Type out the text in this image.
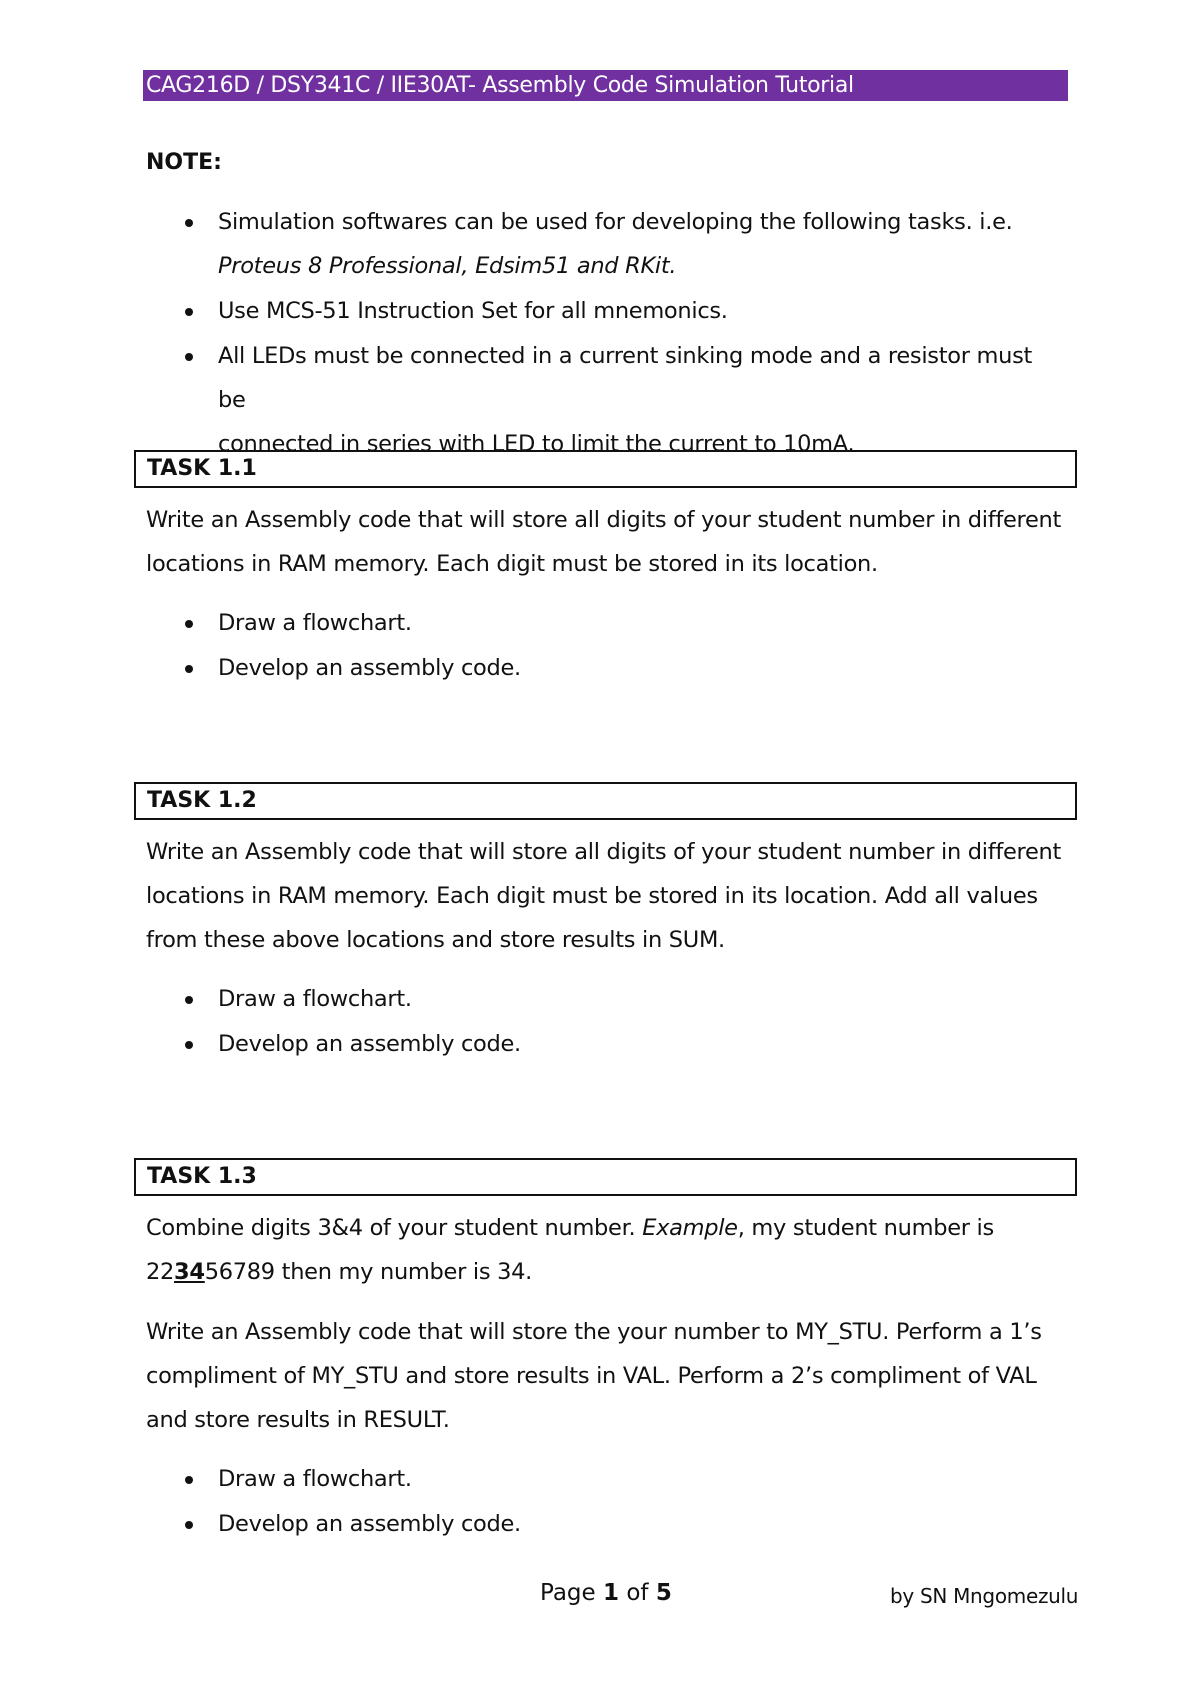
CAG216D / DSY341C / IIE30AT- Assembly Code Simulation Tutorial
NOTE:
Simulation softwares can be used for developing the following tasks. i.e.
Proteus 8 Professional, Edsim51 and RKit.
Use MCS-51 Instruction Set for all mnemonics.
All LEDs must be connected in a current sinking mode and a resistor must be
connected in series with LED to limit the current to 10mA.
TASK 1.1
Write an Assembly code that will store all digits of your student number in different
locations in RAM memory. Each digit must be stored in its location.
Draw a flowchart.
Develop an assembly code.
TASK 1.2
Write an Assembly code that will store all digits of your student number in different
locations in RAM memory. Each digit must be stored in its location. Add all values
from these above locations and store results in SUM.
Draw a flowchart.
Develop an assembly code.
TASK 1.3
Combine digits 3&4 of your student number. Example, my student number is
223456789 then my number is 34.
Write an Assembly code that will store the your number to MY_STU. Perform a 1’s
compliment of MY_STU and store results in VAL. Perform a 2’s compliment of VAL
and store results in RESULT.
Draw a flowchart.
Develop an assembly code.
Page 1 of 5	by SN Mngomezulu
